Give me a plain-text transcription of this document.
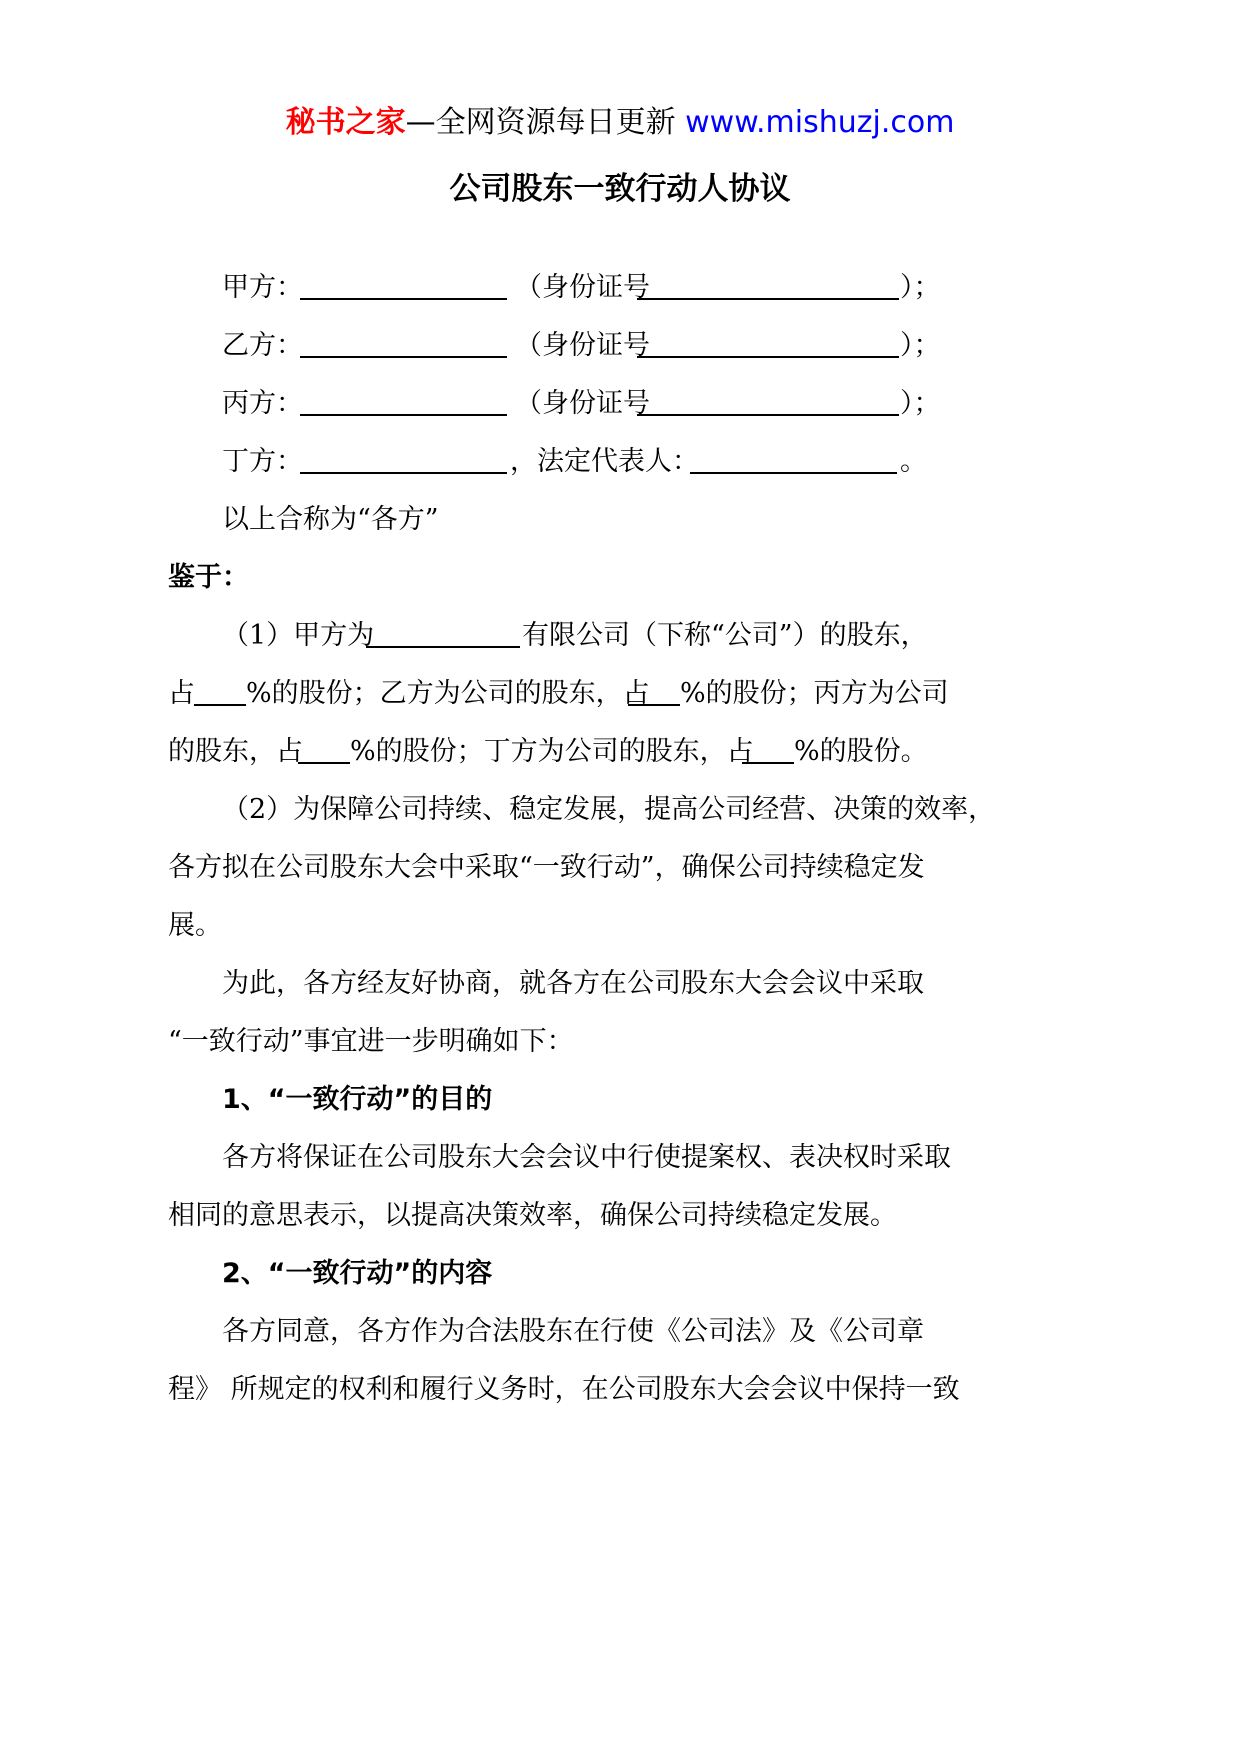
秘书之家—全网资源每日更新 www.mishuzj.com
公司股东一致行动人协议
甲方：	（身份证号	）；
乙方：	（身份证号	）；
丙方：	（身份证号	）；
丁方：	，法定代表人：	。
以上合称为“各方”
鉴于：
（1）甲方为	有限公司（下称“公司”）的股东，
占 %的股份；乙方为公司的股东，占 %的股份；丙方为公司
的股东，占 %的股份；丁方为公司的股东，占 %的股份。
（2）为保障公司持续、稳定发展，提高公司经营、决策的效率，
各方拟在公司股东大会中采取“一致行动”，确保公司持续稳定发
展。
为此，各方经友好协商，就各方在公司股东大会会议中采取
“一致行动”事宜进一步明确如下：
1、“一致行动”的目的
各方将保证在公司股东大会会议中行使提案权、表决权时采取
相同的意思表示，以提高决策效率，确保公司持续稳定发展。
2、“一致行动”的内容
各方同意，各方作为合法股东在行使《公司法》及《公司章
程》 所规定的权利和履行义务时，在公司股东大会会议中保持一致
